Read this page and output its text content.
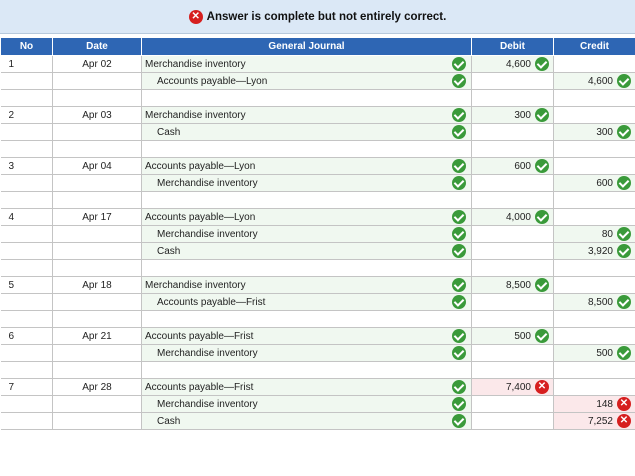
✕ Answer is complete but not entirely correct.
No	Date	General Journal	Debit	Credit
1	Apr 02	Merchandise inventory	4,600

		Accounts payable—Lyon		4,600

2	Apr 03	Merchandise inventory	300

		Cash		300

3	Apr 04	Accounts payable—Lyon	600

		Merchandise inventory		600

4	Apr 17	Accounts payable—Lyon	4,000

		Merchandise inventory		80

		Cash		3,920

5	Apr 18	Merchandise inventory	8,500

		Accounts payable—Frist		8,500

6	Apr 21	Accounts payable—Frist	500

		Merchandise inventory		500

7	Apr 28	Accounts payable—Frist	7,400 ✕	

		Merchandise inventory		148 ✕

		Cash		7,252 ✕
